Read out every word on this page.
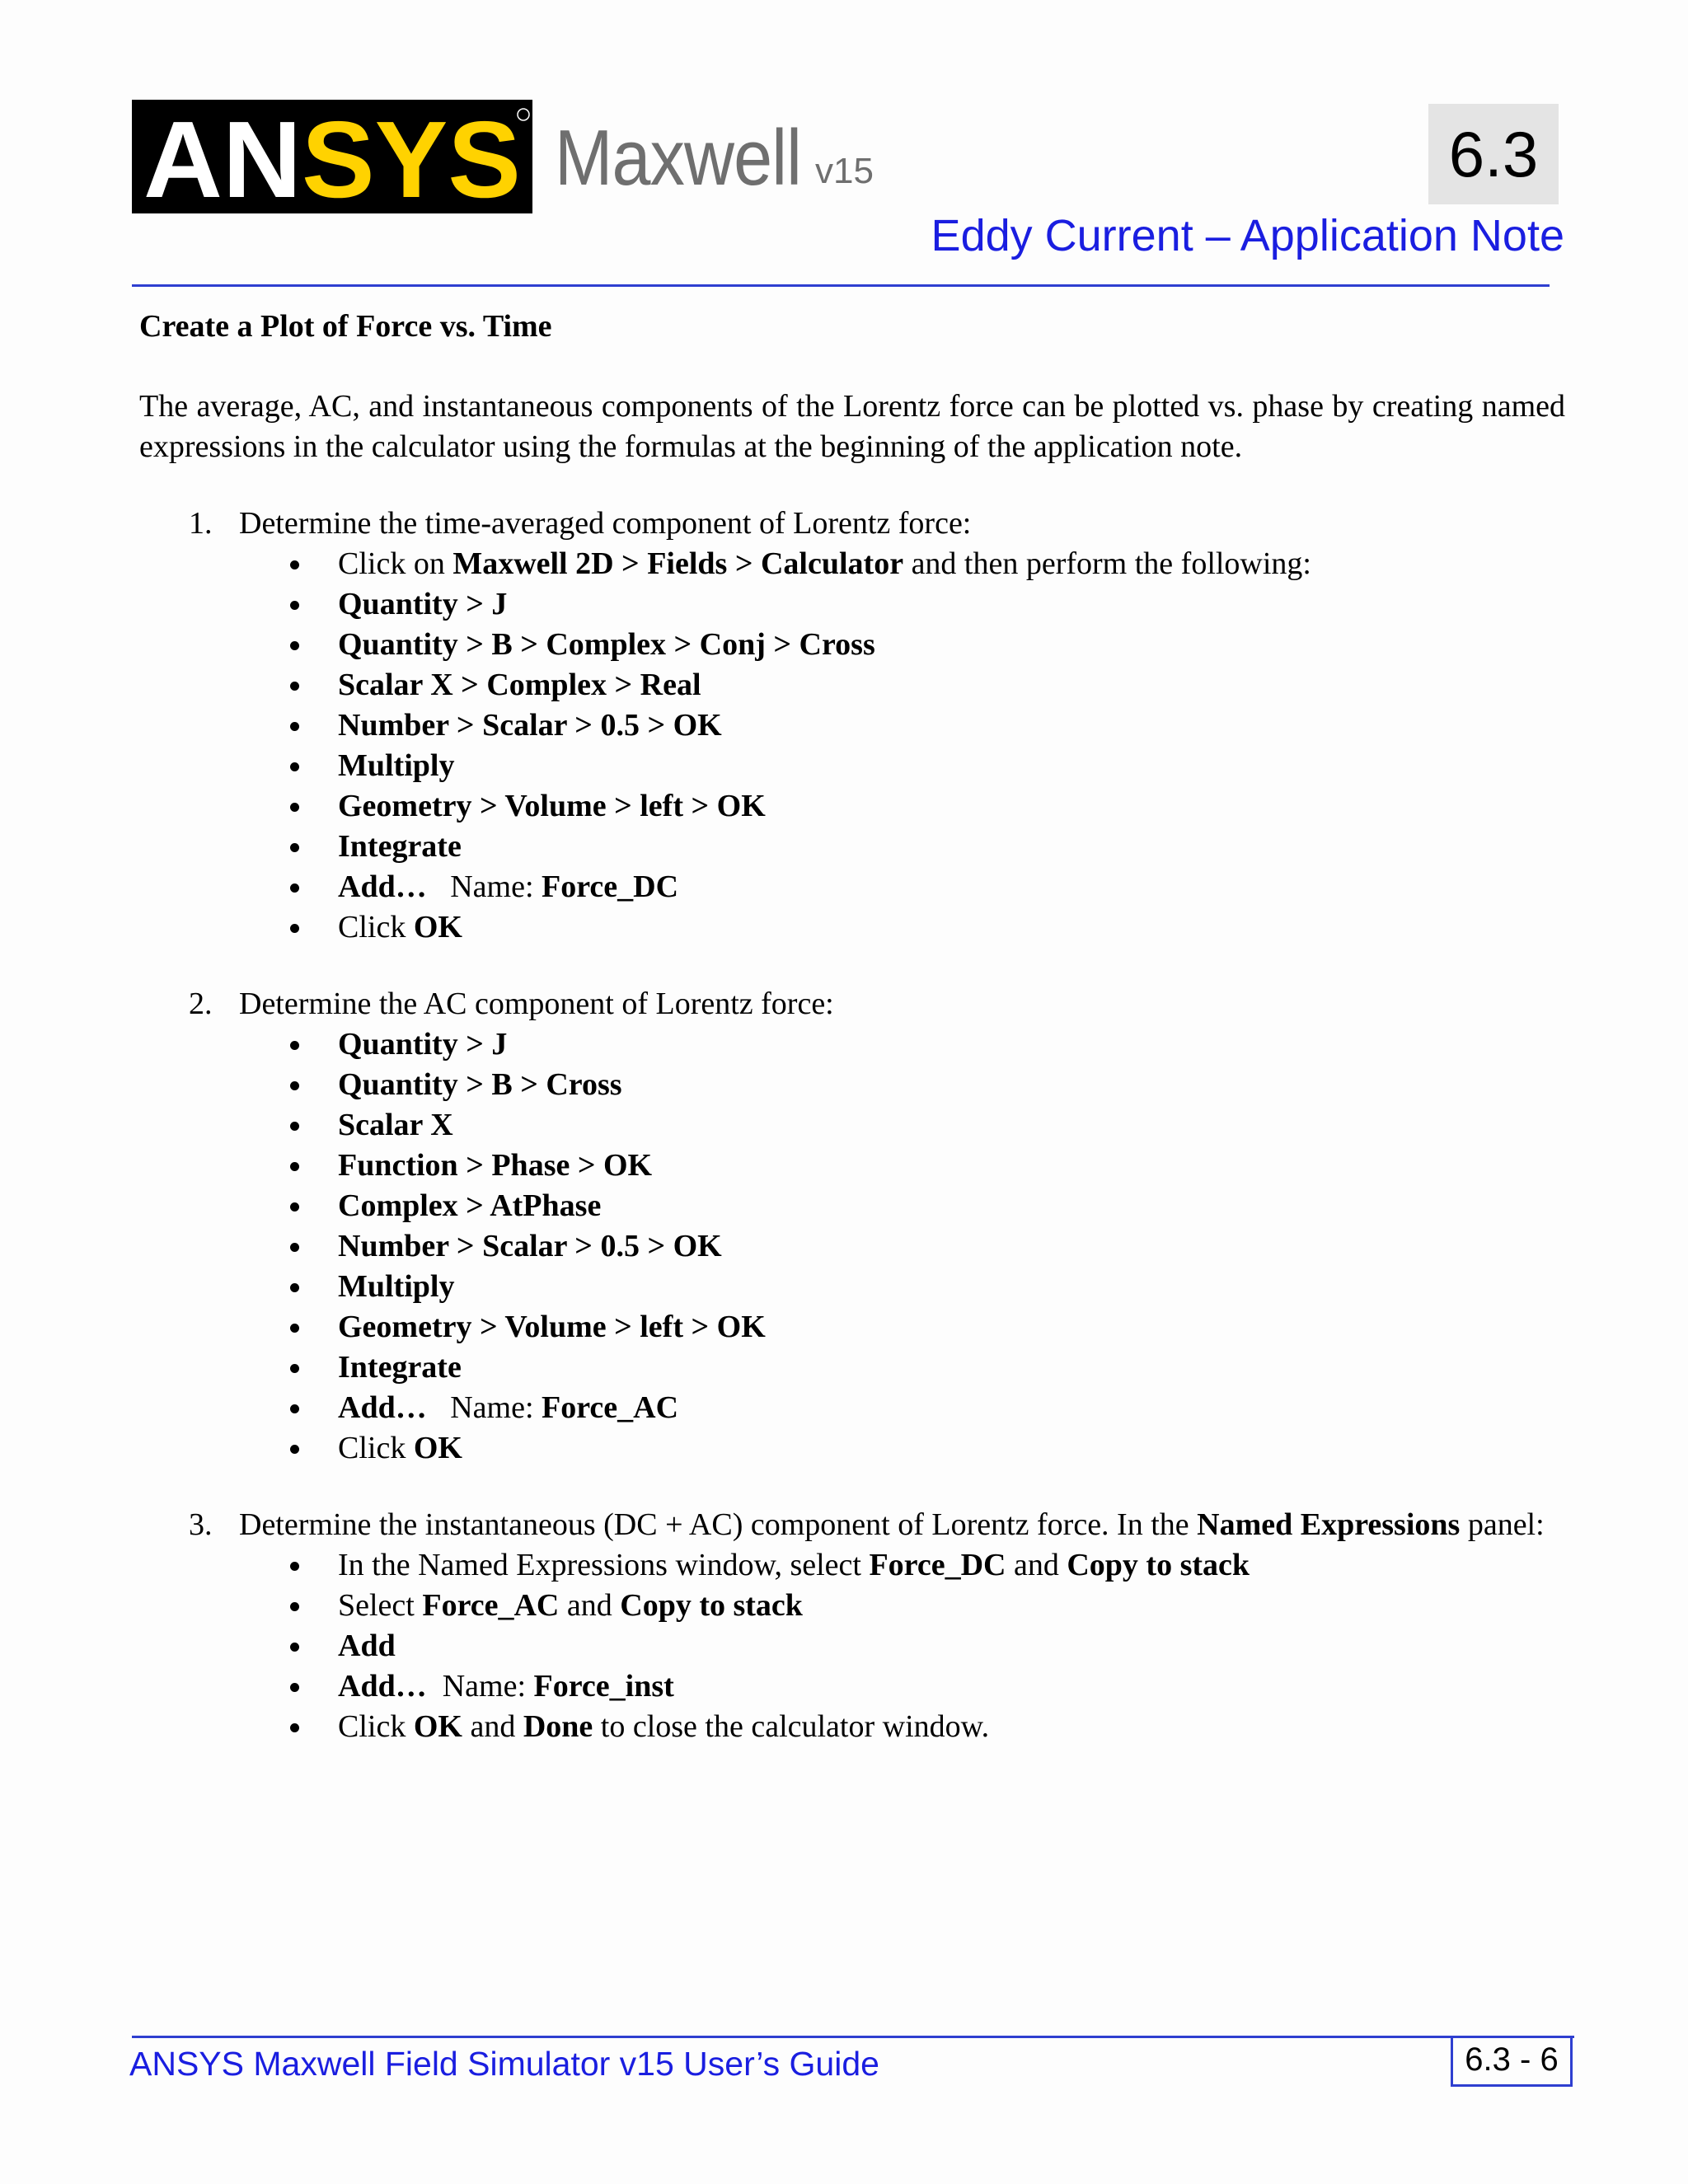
ANSYS Maxwell v15	6.3
Eddy Current – Application Note

Create a Plot of Force vs. Time

The average, AC, and instantaneous components of the Lorentz force can be plotted vs. phase by creating named expressions in the calculator using the formulas at the beginning of the application note.

1. Determine the time-averaged component of Lorentz force:
Click on Maxwell 2D > Fields > Calculator and then perform the following:
Quantity > J
Quantity > B > Complex > Conj > Cross
Scalar X > Complex > Real
Number > Scalar > 0.5 > OK
Multiply
Geometry > Volume > left > OK
Integrate
Add…   Name: Force_DC
Click OK
2. Determine the AC component of Lorentz force:
Quantity > J
Quantity > B > Cross
Scalar X
Function > Phase > OK
Complex > AtPhase
Number > Scalar > 0.5 > OK
Multiply
Geometry > Volume > left > OK
Integrate
Add…   Name: Force_AC
Click OK
3. Determine the instantaneous (DC + AC) component of Lorentz force. In the Named Expressions panel:
In the Named Expressions window, select Force_DC and Copy to stack
Select Force_AC and Copy to stack
Add
Add…  Name: Force_inst
Click OK and Done to close the calculator window.
ANSYS Maxwell Field Simulator v15 User’s Guide	6.3 - 6
